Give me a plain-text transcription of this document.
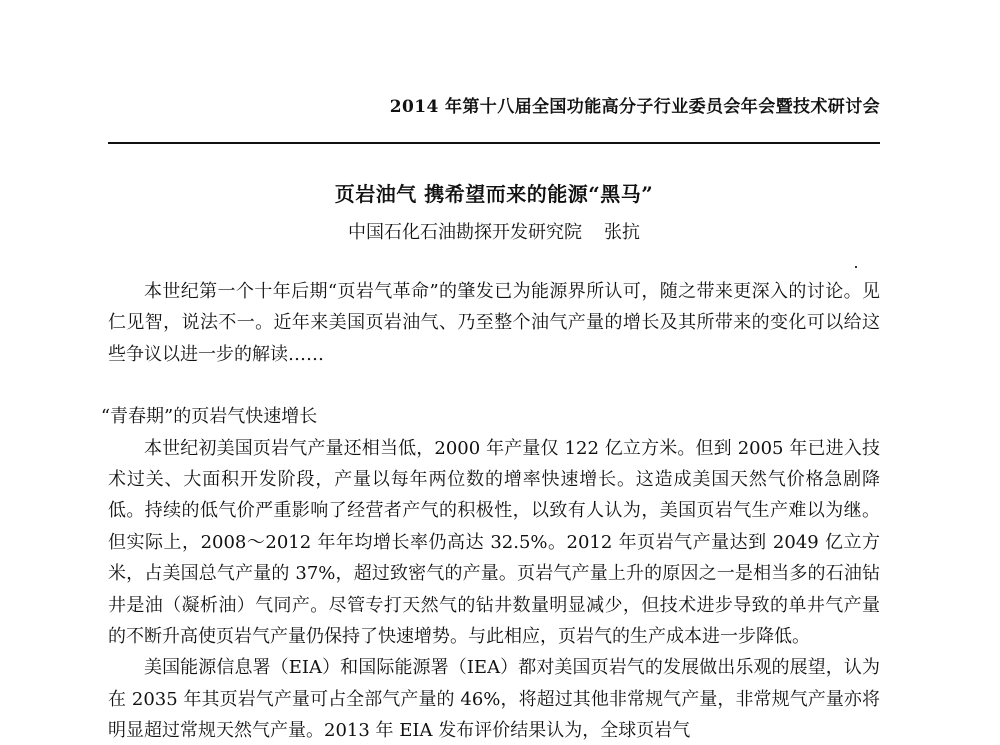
2014 年第十八届全国功能高分子行业委员会年会暨技术研讨会
页岩油气 携希望而来的能源“黑马”
中国石化石油勘探开发研究院 张抗

本世纪第一个十年后期“页岩气革命”的肇发已为能源界所认可，随之带来更深入的讨论。见仁见智，说法不一。近年来美国页岩油气、乃至整个油气产量的增长及其所带来的变化可以给这些争议以进一步的解读……

“青春期”的页岩气快速增长

本世纪初美国页岩气产量还相当低，2000 年产量仅 122 亿立方米。但到 2005 年已进入技术过关、大面积开发阶段，产量以每年两位数的增率快速增长。这造成美国天然气价格急剧降低。持续的低气价严重影响了经营者产气的积极性，以致有人认为，美国页岩气生产难以为继。但实际上，2008～2012 年年均增长率仍高达 32.5%。2012 年页岩气产量达到 2049 亿立方米，占美国总气产量的 37%，超过致密气的产量。页岩气产量上升的原因之一是相当多的石油钻井是油（凝析油）气同产。尽管专打天然气的钻井数量明显减少，但技术进步导致的单井气产量的不断升高使页岩气产量仍保持了快速增势。与此相应，页岩气的生产成本进一步降低。

美国能源信息署（EIA）和国际能源署（IEA）都对美国页岩气的发展做出乐观的展望，认为在 2035 年其页岩气产量可占全部气产量的 46%，将超过其他非常规气产量，非常规气产量亦将明显超过常规天然气产量。2013 年 EIA 发布评价结果认为，全球页岩气
